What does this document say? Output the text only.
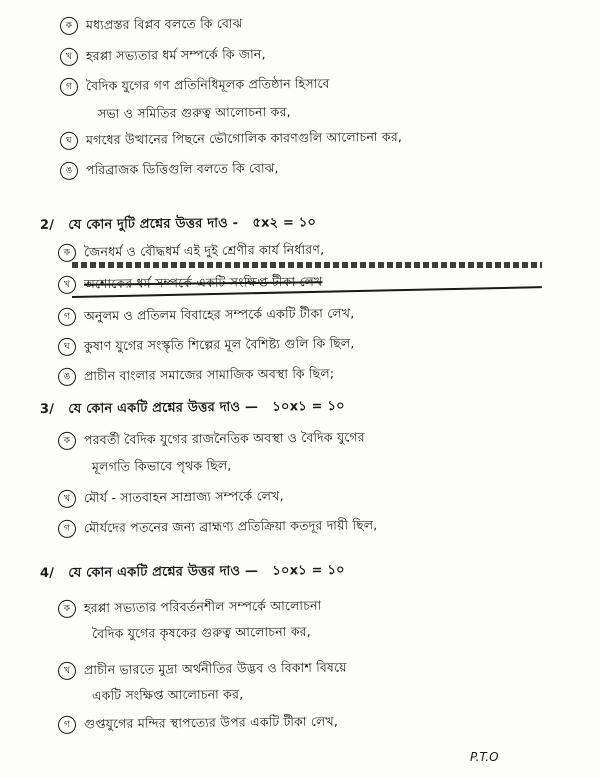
ক মধ্যপ্রস্তর বিপ্লব বলতে কি বোঝ
খ হরপ্পা সভ্যতার ধর্ম সম্পর্কে কি জান,
গ বৈদিক যুগের গণ প্রতিনিধিমূলক প্রতিষ্ঠান হিসাবে
সভা ও সমিতির গুরুত্ব আলোচনা কর,
ঘ মগধের উত্থানের পিছনে ভৌগোলিক কারণগুলি আলোচনা কর,
ঙ পরিব্রাজক ডিত্তিগুলি বলতে কি বোঝ,
2/ যে কোন দুটি প্রশ্নের উত্তর দাও - ৫x২ = ১০
ক জৈনধর্ম ও বৌদ্ধধর্ম এই দুই শ্রেণীর কার্য নির্ধারণ,
খ অশোকের ধর্ম সম্পর্কে একটি সংক্ষিপ্ত টীকা লেখ
গ অনুলম ও প্রতিলম বিবাহের সম্পর্কে একটি টীকা লেখ,
ঘ কুষাণ যুগের সংস্কৃতি শিল্পের মূল বৈশিষ্ট্য গুলি কি ছিল,
ঙ প্রাচীন বাংলার সমাজের সামাজিক অবস্থা কি ছিল;
3/ যে কোন একটি প্রশ্নের উত্তর দাও — ১০x১ = ১০
ক পরবর্তী বৈদিক যুগের রাজনৈতিক অবস্থা ও বৈদিক যুগের
মূলগতি কিভাবে পৃথক ছিল,
খ মৌর্য - সাতবাহন সাম্রাজ্য সম্পর্কে লেখ,
গ মৌর্যদের পতনের জন্য ব্রাহ্মণ্য প্রতিক্রিয়া কতদূর দায়ী ছিল,
4/ যে কোন একটি প্রশ্নের উত্তর দাও — ১০x১ = ১০
ক হরপ্পা সভ্যতার পরিবর্তনশীল সম্পর্কে আলোচনা
বৈদিক যুগের কৃষকের গুরুত্ব আলোচনা কর,
খ প্রাচীন ভারতে মুদ্রা অর্থনীতির উদ্ভব ও বিকাশ বিষয়ে
একটি সংক্ষিপ্ত আলোচনা কর,
গ গুপ্তযুগের মন্দির স্থাপত্যের উপর একটি টীকা লেখ,
P.T.O
